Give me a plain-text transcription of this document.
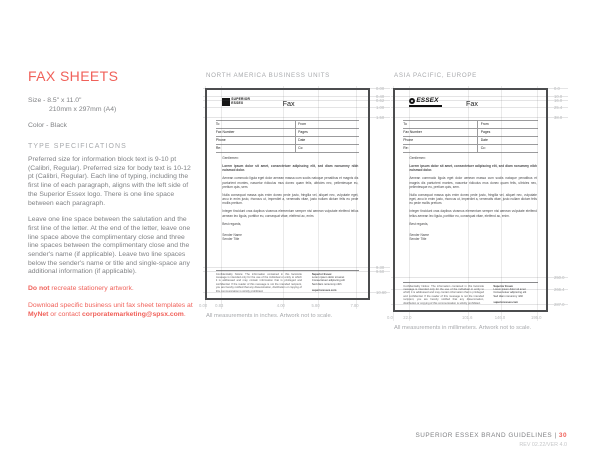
FAX SHEETS

Size - 8.5" x 11.0"

210mm x 297mm (A4)

Color - Black

TYPE SPECIFICATIONS

Preferred size for information block text is 9-10 pt (Calibri, Regular). Preferred size for body text is 10-12 pt (Calibri, Regular). Each line of typing, including the first line of each paragraph, aligns with the left side of the Superior Essex logo. There is one line space between each paragraph.

Leave one line space between the salutation and the first line of the letter. At the end of the letter, leave one line space above the complimentary close and three line spaces between the complimentary close and the sender's name (if applicable). Leave two line spaces below the sender's name or title and single-space any additional information (if applicable).

Do not recreate stationery artwork.

Download specific business unit fax sheet templates at MyNet or contact corporatemarketing@spsx.com.

NORTH AMERICA BUSINESS UNITS
SUPERIOR
ESSEX	Fax
To	From
Fax Number	Pages
Phone	Date
Re:	Cc:

Gentlemen:

Lorem ipsum dolor sit amet, consectetuer adipiscing elit, sed diam nonummy nibh euismod dolor.

Aenean commodo ligula eget dolor aenean massa cum sociis natoque penatibus et magnis dis parturient montes, nascetur ridiculus mus donec quam felis, ultricies nec, pellentesque eu, pretium quis, sem.

Nulla consequat massa quis enim donec pede justo, fringilla vel, aliquet nec, vulputate eget, arcu in enim justo, rhoncus ut, imperdiet a, venenatis vitae, justo nullam dictum felis eu pede mollis pretium.

Integer tincidunt cras dapibus vivamus elementum semper nisi aenean vulputate eleifend tellus aenean leo ligula, porttitor eu, consequat vitae, eleifend ac, enim.

Best regards,

Sender Name

Sender Title

Confidentiality Notice: The information contained in this facsimile message is intended only for the use of the individual or entity to which it is addressed and may contain information that is privileged and confidential. If the reader of this message is not the intended recipient, you are hereby notified that any dissemination, distribution or copying of this communication is strictly prohibited.
Superior Essex
Lorem ipsum dolor sit amet
Consectetuer adipiscing elit
Sed diam nonummy nibh
superioressex.com
All measurements in inches. Artwork not to scale.
0.00
0.40
0.62
1.00
1.50
9.30
9.50
10.60
0.00 0.83	4.00	5.80	7.80
ASIA PACIFIC, EUROPE
ESSEX	Fax
To	From
Fax Number	Pages
Phone	Date
Re:	Cc:

Gentlemen:

Lorem ipsum dolor sit amet, consectetuer adipiscing elit, sed diam nonummy nibh euismod dolor.

Aenean commodo ligula eget dolor aenean massa cum sociis natoque penatibus et magnis dis parturient montes, nascetur ridiculus mus donec quam felis, ultricies nec, pellentesque eu, pretium quis, sem.

Nulla consequat massa quis enim donec pede justo, fringilla vel, aliquet nec, vulputate eget, arcu in enim justo, rhoncus ut, imperdiet a, venenatis vitae, justo nullam dictum felis eu pede mollis pretium.

Integer tincidunt cras dapibus vivamus elementum semper nisi aenean vulputate eleifend tellus aenean leo ligula, porttitor eu, consequat vitae, eleifend ac, enim.

Best regards,

Sender Name

Sender Title

Confidentiality Notice: The information contained in this facsimile message is intended only for the use of the individual or entity to which it is addressed and may contain information that is privileged and confidential. If the reader of this message is not the intended recipient, you are hereby notified that any dissemination, distribution or copying of this communication is strictly prohibited.
Superior Essex
Lorem ipsum dolor sit amet
Consectetuer adipiscing elit
Sed diam nonummy nibh
superioressex.com
All measurements in millimeters. Artwork not to scale.
0.0
10.0
16.0
25.4
38.0
250.0
266.4
287.0
0.0 22.0	101.6	146.0	195.0

SUPERIOR ESSEX BRAND GUIDELINES | 30

REV 02.22/VER 4.0
